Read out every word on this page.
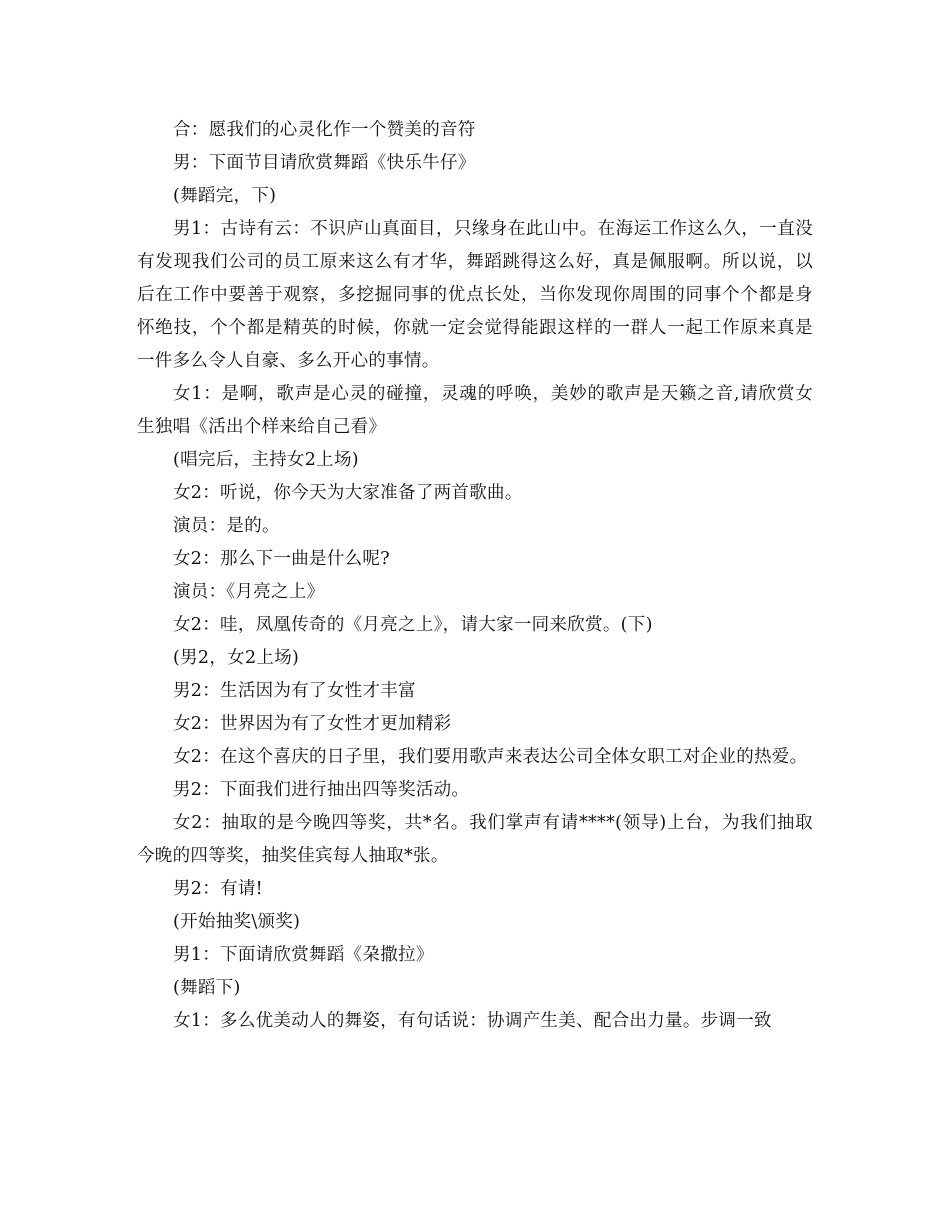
合：愿我们的心灵化作一个赞美的音符

男：下面节目请欣赏舞蹈《快乐牛仔》

(舞蹈完，下)

男1：古诗有云：不识庐山真面目，只缘身在此山中。在海运工作这么久，一直没有发现我们公司的员工原来这么有才华，舞蹈跳得这么好，真是佩服啊。所以说，以后在工作中要善于观察，多挖掘同事的优点长处，当你发现你周围的同事个个都是身怀绝技，个个都是精英的时候，你就一定会觉得能跟这样的一群人一起工作原来真是一件多么令人自豪、多么开心的事情。

女1：是啊，歌声是心灵的碰撞，灵魂的呼唤，美妙的歌声是天籁之音,请欣赏女生独唱《活出个样来给自己看》

(唱完后，主持女2上场)

女2：听说，你今天为大家准备了两首歌曲。

演员：是的。

女2：那么下一曲是什么呢?

演员：《月亮之上》

女2：哇，凤凰传奇的《月亮之上》，请大家一同来欣赏。(下)

(男2，女2上场)

男2：生活因为有了女性才丰富

女2：世界因为有了女性才更加精彩

女2：在这个喜庆的日子里，我们要用歌声来表达公司全体女职工对企业的热爱。

男2：下面我们进行抽出四等奖活动。

女2：抽取的是今晚四等奖，共*名。我们掌声有请****(领导)上台，为我们抽取今晚的四等奖，抽奖佳宾每人抽取*张。

男2：有请!

(开始抽奖\颁奖)

男1：下面请欣赏舞蹈《朶撒拉》

(舞蹈下)

女1：多么优美动人的舞姿，有句话说：协调产生美、配合出力量。步调一致
